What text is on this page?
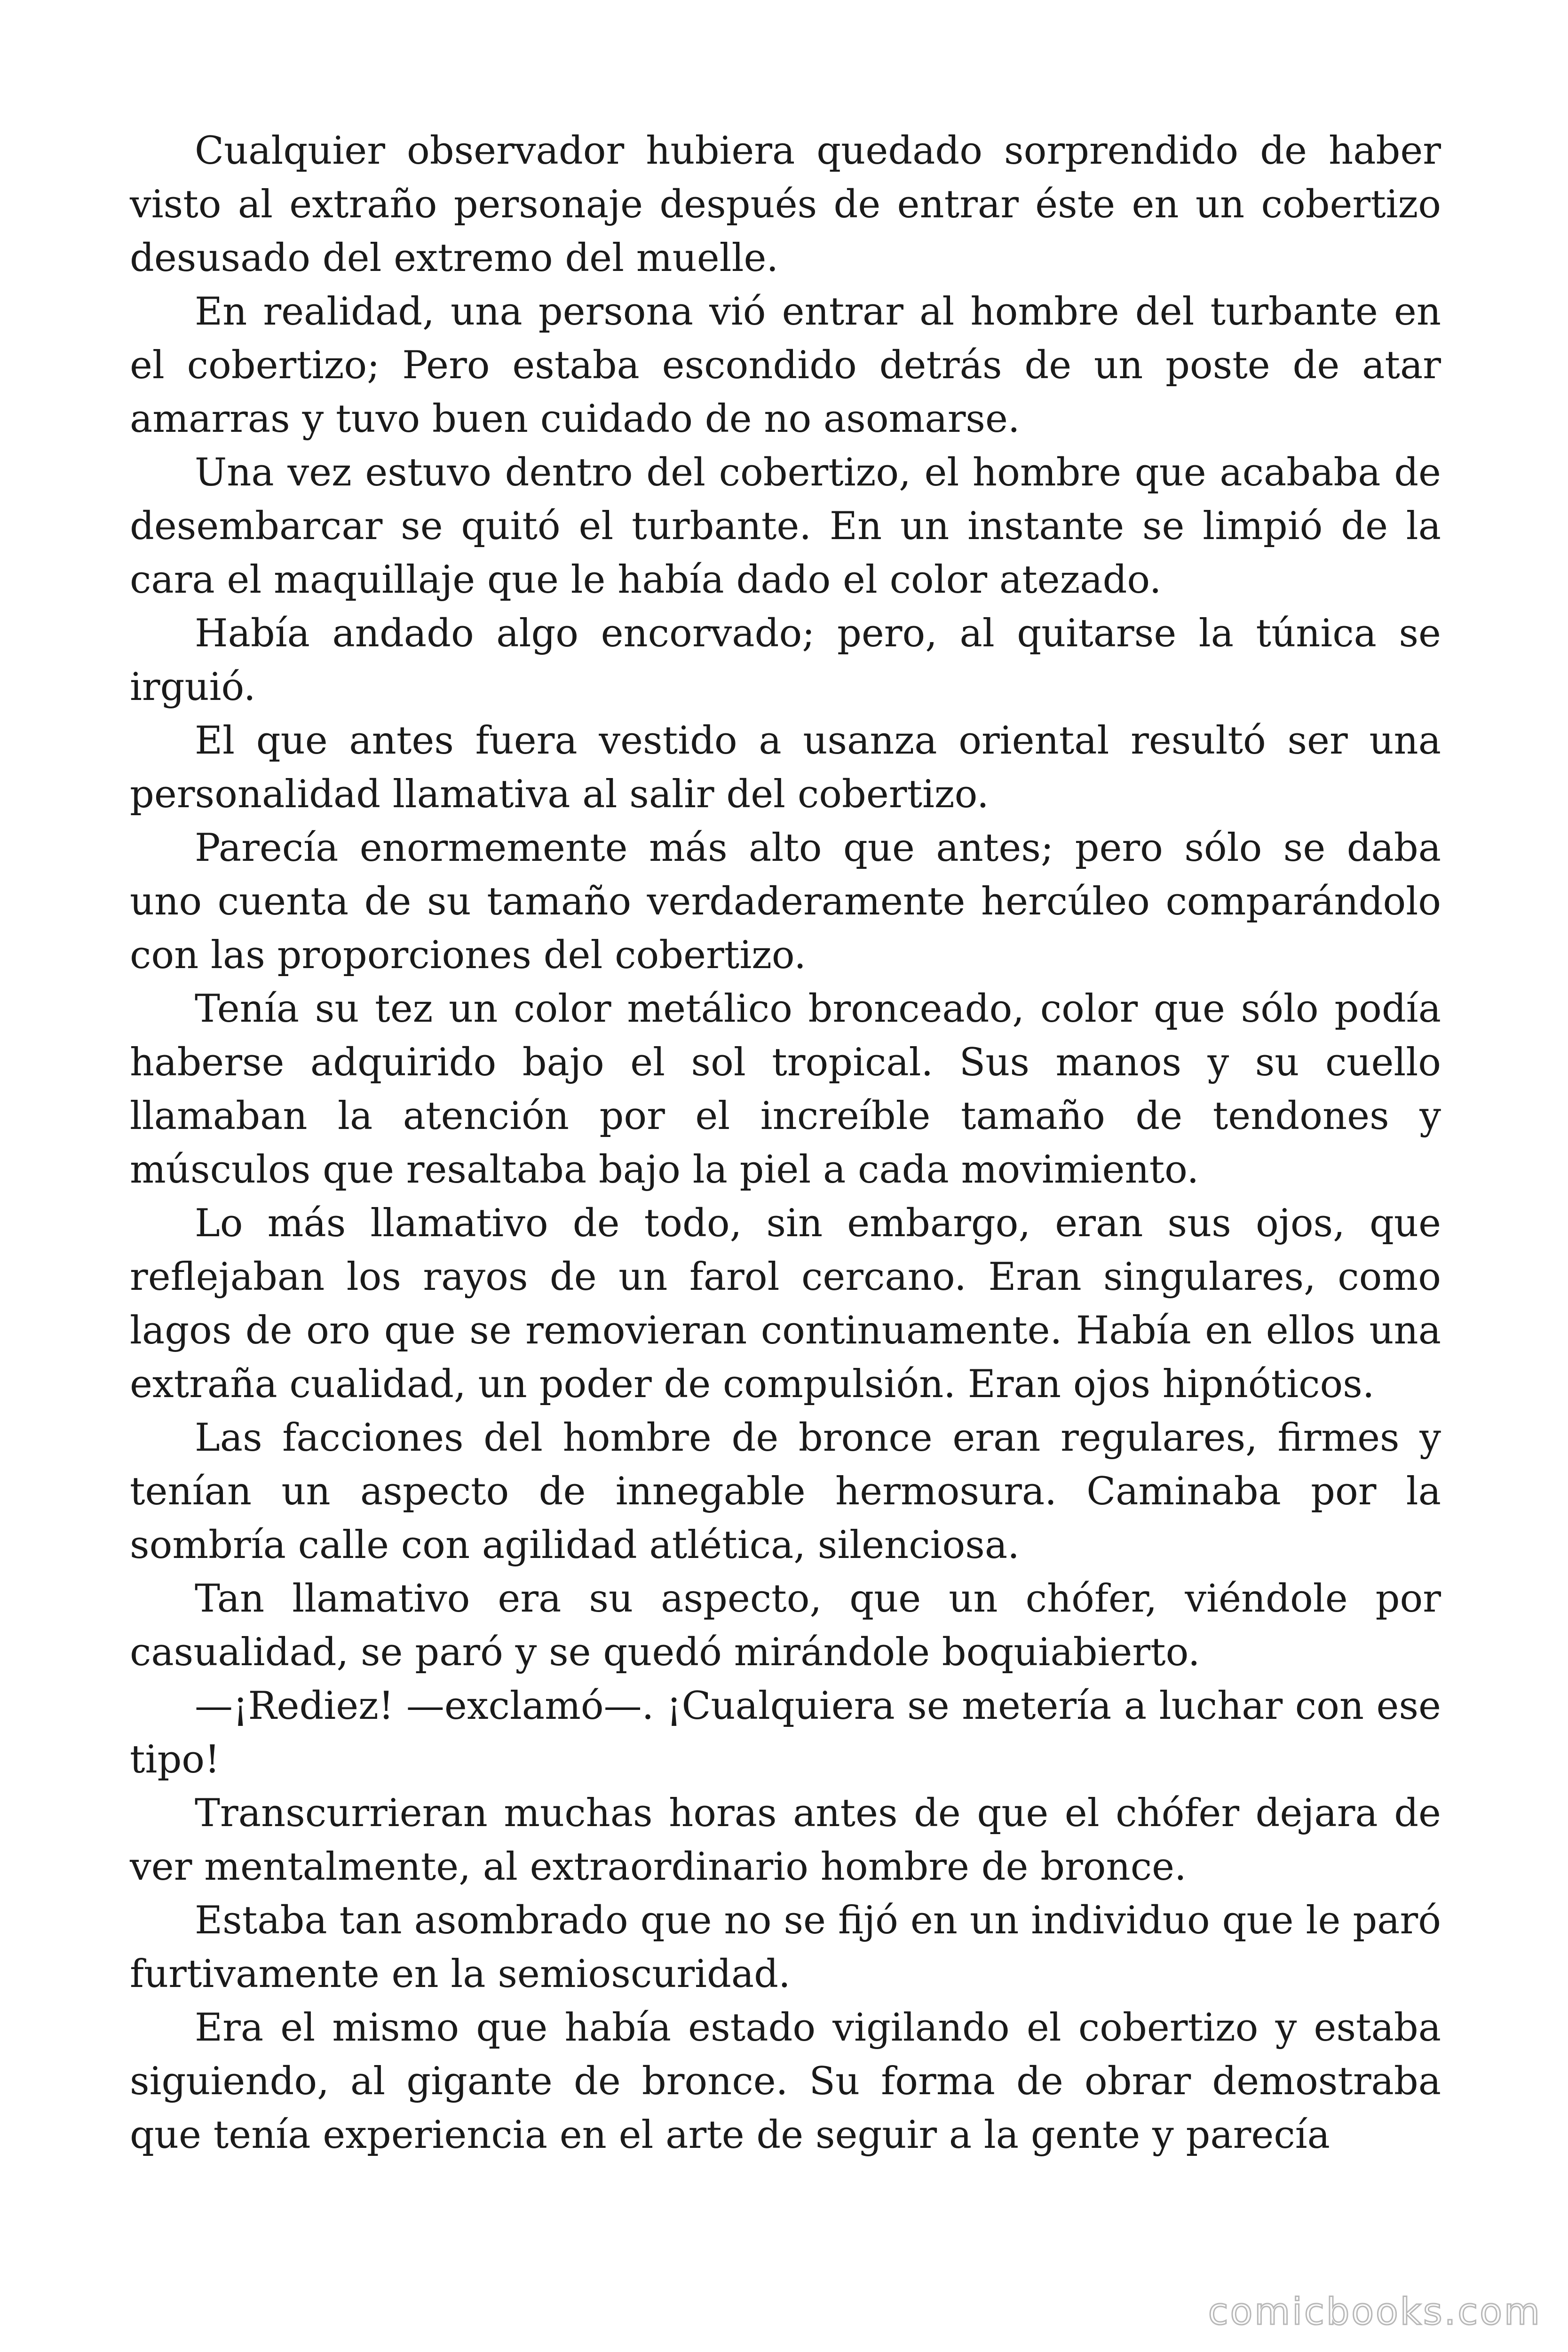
Cualquier observador hubiera quedado sorprendido de haber visto al extraño personaje después de entrar éste en un cobertizo desusado del extremo del muelle.

En realidad, una persona vió entrar al hombre del turbante en el cobertizo; Pero estaba escondido detrás de un poste de atar amarras y tuvo buen cuidado de no asomarse.

Una vez estuvo dentro del cobertizo, el hombre que acababa de desembarcar se quitó el turbante. En un instante se limpió de la cara el maquillaje que le había dado el color atezado.

Había andado algo encorvado; pero, al quitarse la túnica se irguió.

El que antes fuera vestido a usanza oriental resultó ser una personalidad llamativa al salir del cobertizo.

Parecía enormemente más alto que antes; pero sólo se daba uno cuenta de su tamaño verdaderamente hercúleo comparándolo con las proporciones del cobertizo.

Tenía su tez un color metálico bronceado, color que sólo podía haberse adquirido bajo el sol tropical. Sus manos y su cuello llamaban la atención por el increíble tamaño de tendones y músculos que resaltaba bajo la piel a cada movimiento.

Lo más llamativo de todo, sin embargo, eran sus ojos, que reflejaban los rayos de un farol cercano. Eran singulares, como lagos de oro que se removieran continuamente. Había en ellos una extraña cualidad, un poder de compulsión. Eran ojos hipnóticos.

Las facciones del hombre de bronce eran regulares, firmes y tenían un aspecto de innegable hermosura. Caminaba por la sombría calle con agilidad atlética, silenciosa.

Tan llamativo era su aspecto, que un chófer, viéndole por casualidad, se paró y se quedó mirándole boquiabierto.

—¡Rediez! —exclamó—. ¡Cualquiera se metería a luchar con ese tipo!

Transcurrieran muchas horas antes de que el chófer dejara de ver mentalmente, al extraordinario hombre de bronce.

Estaba tan asombrado que no se fijó en un individuo que le paró furtivamente en la semioscuridad.

Era el mismo que había estado vigilando el cobertizo y estaba siguiendo, al gigante de bronce. Su forma de obrar demostraba que tenía experiencia en el arte de seguir a la gente y parecía

comicbooks.com
